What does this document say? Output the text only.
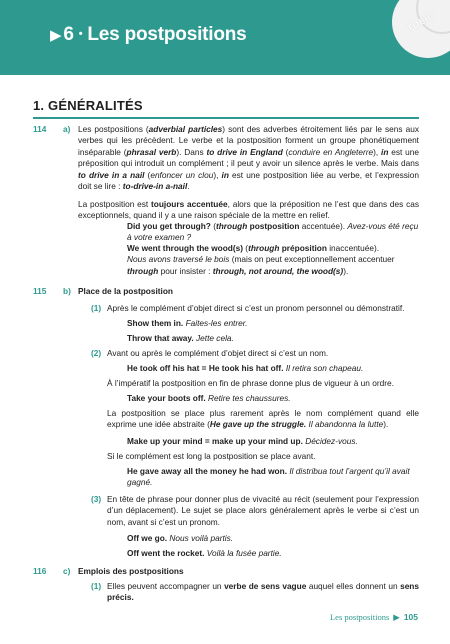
▶ 6 • Les postpositions
TOEIC
1. GÉNÉRALITÉS
114 a) Les postpositions (adverbial particles) sont des adverbes étroitement liés par le sens aux verbes qui les précèdent. Le verbe et la postposition forment un groupe phonétiquement inséparable (phrasal verb). Dans to drive in England (conduire en Angleterre), in est une préposition qui introduit un complément ; il peut y avoir un silence après le verbe. Mais dans to drive in a nail (enfoncer un clou), in est une postposition liée au verbe, et l’expression doit se lire : to-drive-in a-nail.

La postposition est toujours accentuée, alors que la préposition ne l’est que dans des cas exceptionnels, quand il y a une raison spéciale de la mettre en relief.

Did you get through? (through postposition accentuée). Avez-vous été reçu à votre examen ?

We went through the wood(s) (through préposition inaccentuée).

Nous avons traversé le bois (mais on peut exceptionnellement accentuer through pour insister : through, not around, the wood(s)).

115 b) Place de la postposition
(1) Après le complément d’objet direct si c’est un pronom personnel ou démonstratif.

Show them in. Faites-les entrer.

Throw that away. Jette cela.

(2) Avant ou après le complément d’objet direct si c’est un nom.

He took off his hat = He took his hat off. Il retira son chapeau.

À l’impératif la postposition en fin de phrase donne plus de vigueur à un ordre.

Take your boots off. Retire tes chaussures.

La postposition se place plus rarement après le nom complément quand elle exprime une idée abstraite (He gave up the struggle. Il abandonna la lutte).

Make up your mind = make up your mind up. Décidez-vous.

Si le complément est long la postposition se place avant.

He gave away all the money he had won. Il distribua tout l’argent qu’il avait gagné.

(3) En tête de phrase pour donner plus de vivacité au récit (seulement pour l’expression d’un déplacement). Le sujet se place alors généralement après le verbe si c’est un nom, avant si c’est un pronom.

Off we go. Nous voilà partis.

Off went the rocket. Voilà la fusée partie.

116 c) Emplois des postpositions
(1) Elles peuvent accompagner un verbe de sens vague auquel elles donnent un sens précis.

Les postpositions ▶ 105
